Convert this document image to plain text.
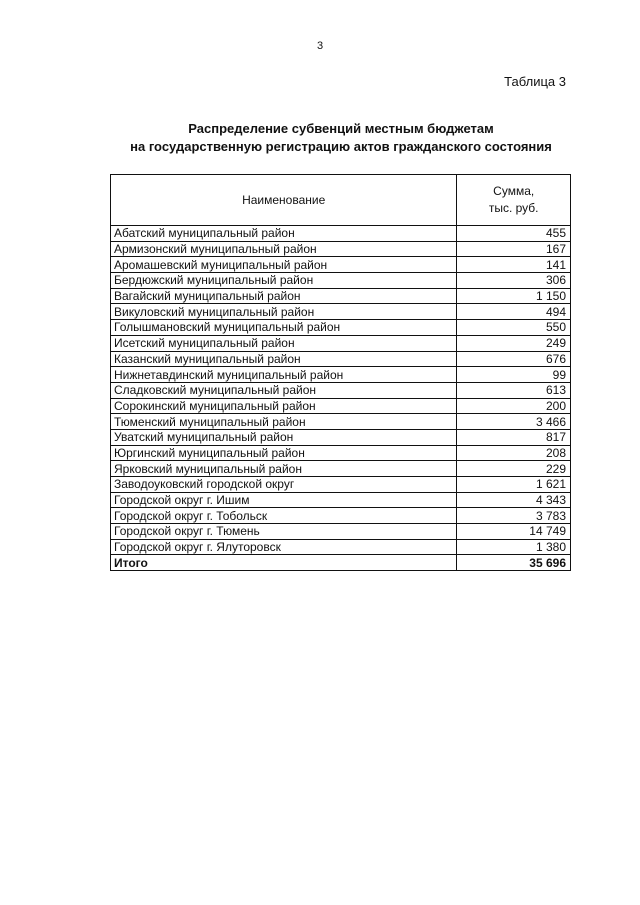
3
Таблица 3
Распределение субвенций местным бюджетам
на государственную регистрацию актов гражданского состояния
Наименование	Сумма,
тыс. руб.
Абатский муниципальный район	455
Армизонский муниципальный район	167
Аромашевский муниципальный район	141
Бердюжский муниципальный район	306
Вагайский муниципальный район	1 150
Викуловский муниципальный район	494
Голышмановский муниципальный район	550
Исетский муниципальный район	249
Казанский муниципальный район	676
Нижнетавдинский муниципальный район	99
Сладковский муниципальный район	613
Сорокинский муниципальный район	200
Тюменский муниципальный район	3 466
Уватский муниципальный район	817
Юргинский муниципальный район	208
Ярковский муниципальный район	229
Заводоуковский городской округ	1 621
Городской округ г. Ишим	4 343
Городской округ г. Тобольск	3 783
Городской округ г. Тюмень	14 749
Городской округ г. Ялуторовск	1 380
Итого	35 696
